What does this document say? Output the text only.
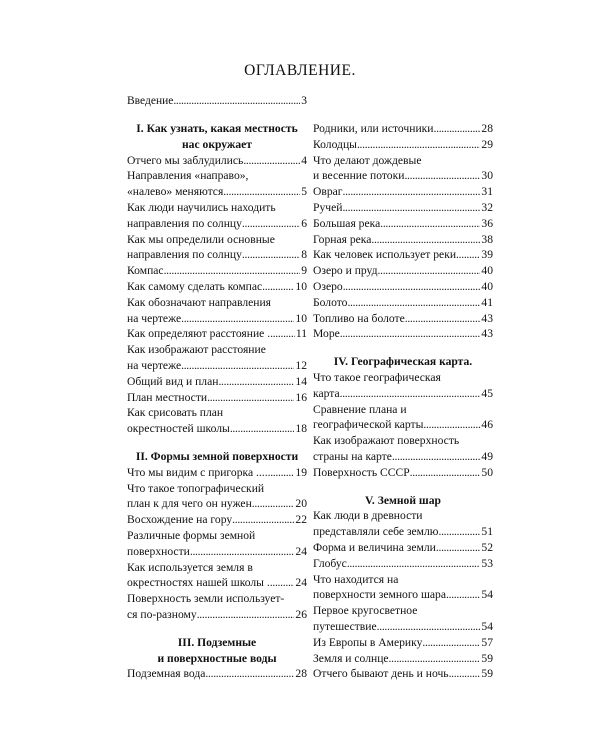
ОГЛАВЛЕНИЕ.
Введение . . .	3
I. Как узнать, какая местность
нас окружает
Отчего мы заблудились . . .	4
Направления «направо»,
«налево» меняются . . .	5
Как люди научились находить
направления по солнцу . . .	6
Как мы определили основные
направления по солнцу . . .	8
Компас . . .	9
Как самому сделать компас . . .	10
Как обозначают направления
на чертеже . . .	10
Как определяют расстояние . . . . 11
Как изображают расстояние
на чертеже . . .	12
Общий вид и план . . .	14
План местности . . .	16
Как срисовать план
окрестностей школы . . .	18
II. Формы земной поверхности
Что мы видим с пригорка .... . . . 19
Что такое топографический
план к для чего он нужен . . .	20
Восхождение на гору . . .	22
Различные формы земной
поверхности . . .	24
Как используется земля в
окрестностях нашей школы . . . . 24
Поверхность земли использует-
ся по-разному . . .	26
III. Подземные
и поверхностные воды
Подземная вода . . .	28
Родники, или источники . . .	28
Колодцы . . .	29
Что делают дождевые
и весенние потоки . . .	30
Овраг . . .	31
Ручей . . .	32
Большая река . . .	36
Горная река . . .	38
Как человек использует реки . . . 39
Озеро и пруд . . .	40
Озеро . . .	40
Болото . . .	41
Топливо на болоте . . .	43
Море . . .	43
IV. Географическая карта.
Что такое географическая
карта . . .	45
Сравнение плана и
географической карты . . .	46
Как изображают поверхность
страны на карте . . .	49
Поверхность СССР . . .	50
V. Земной шар
Как люди в древности
представляли себе землю . . .	51
Форма и величина земли . . .	52
Глобус . . .	53
Что находится на
поверхности земного шара . . .	54
Первое кругосветное
путешествие . . .	54
Из Европы в Америку . . .	57
Земля и солнце . . .	59
Отчего бывают день и ночь . . .	59
